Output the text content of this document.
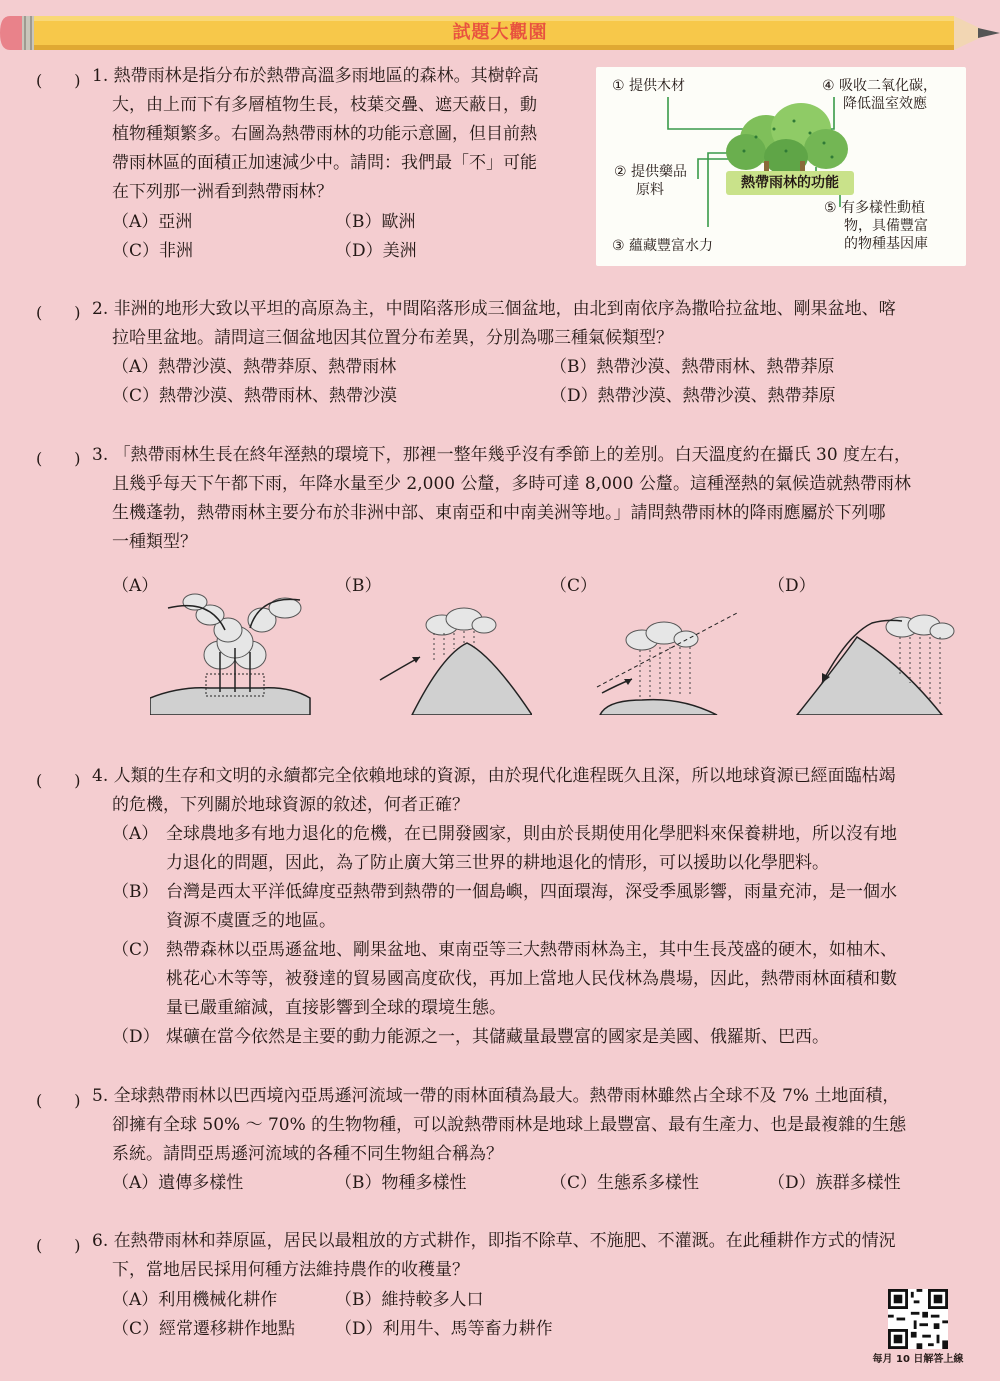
試題大觀園
(　　) 1. 熱帶雨林是指分布於熱帶高溫多雨地區的森林。其樹幹高
大，由上而下有多層植物生長，枝葉交疊、遮天蔽日，動
植物種類繁多。右圖為熱帶雨林的功能示意圖，但目前熱
帶雨林區的面積正加速減少中。請問：我們最「不」可能
在下列那一洲看到熱帶雨林？
（A）亞洲	（B）歐洲
（C）非洲	（D）美洲
熱帶雨林的功能
① 提供木材
② 提供藥品
原料
③ 蘊藏豐富水力
④ 吸收二氧化碳，
降低溫室效應
⑤ 有多樣性動植
物，具備豐富
的物種基因庫
(　　) 2. 非洲的地形大致以平坦的高原為主，中間陷落形成三個盆地，由北到南依序為撒哈拉盆地、剛果盆地、喀
拉哈里盆地。請問這三個盆地因其位置分布差異，分別為哪三種氣候類型？
（A）熱帶沙漠、熱帶莽原、熱帶雨林	（B）熱帶沙漠、熱帶雨林、熱帶莽原
（C）熱帶沙漠、熱帶雨林、熱帶沙漠	（D）熱帶沙漠、熱帶沙漠、熱帶莽原
(　　) 3. 「熱帶雨林生長在終年溼熱的環境下，那裡一整年幾乎沒有季節上的差別。白天溫度約在攝氏 30 度左右，
且幾乎每天下午都下雨，年降水量至少 2,000 公釐，多時可達 8,000 公釐。這種溼熱的氣候造就熱帶雨林
生機蓬勃，熱帶雨林主要分布於非洲中部、東南亞和中南美洲等地。」請問熱帶雨林的降雨應屬於下列哪
一種類型？
（A）	（B）	（C）	（D）
(　　) 4. 人類的生存和文明的永續都完全依賴地球的資源，由於現代化進程既久且深，所以地球資源已經面臨枯竭
的危機，下列關於地球資源的敘述，何者正確？
（A） 全球農地多有地力退化的危機，在已開發國家，則由於長期使用化學肥料來保養耕地，所以沒有地
力退化的問題，因此，為了防止廣大第三世界的耕地退化的情形，可以援助以化學肥料。
（B） 台灣是西太平洋低緯度亞熱帶到熱帶的一個島嶼，四面環海，深受季風影響，雨量充沛，是一個水
資源不虞匱乏的地區。
（C） 熱帶森林以亞馬遜盆地、剛果盆地、東南亞等三大熱帶雨林為主，其中生長茂盛的硬木，如柚木、
桃花心木等等，被發達的貿易國高度砍伐，再加上當地人民伐林為農場，因此，熱帶雨林面積和數
量已嚴重縮減，直接影響到全球的環境生態。
（D） 煤礦在當今依然是主要的動力能源之一，其儲藏量最豐富的國家是美國、俄羅斯、巴西。
(　　) 5. 全球熱帶雨林以巴西境內亞馬遜河流域一帶的雨林面積為最大。熱帶雨林雖然占全球不及 7% 土地面積，
卻擁有全球 50% ～ 70% 的生物物種，可以說熱帶雨林是地球上最豐富、最有生產力、也是最複雜的生態
系統。請問亞馬遜河流域的各種不同生物組合稱為？
（A）遺傳多樣性	（B）物種多樣性	（C）生態系多樣性	（D）族群多樣性
(　　) 6. 在熱帶雨林和莽原區，居民以最粗放的方式耕作，即指不除草、不施肥、不灌溉。在此種耕作方式的情況
下，當地居民採用何種方法維持農作的收穫量？
（A）利用機械化耕作	（B）維持較多人口
（C）經常遷移耕作地點 （D）利用牛、馬等畜力耕作
每月 10 日解答上線
